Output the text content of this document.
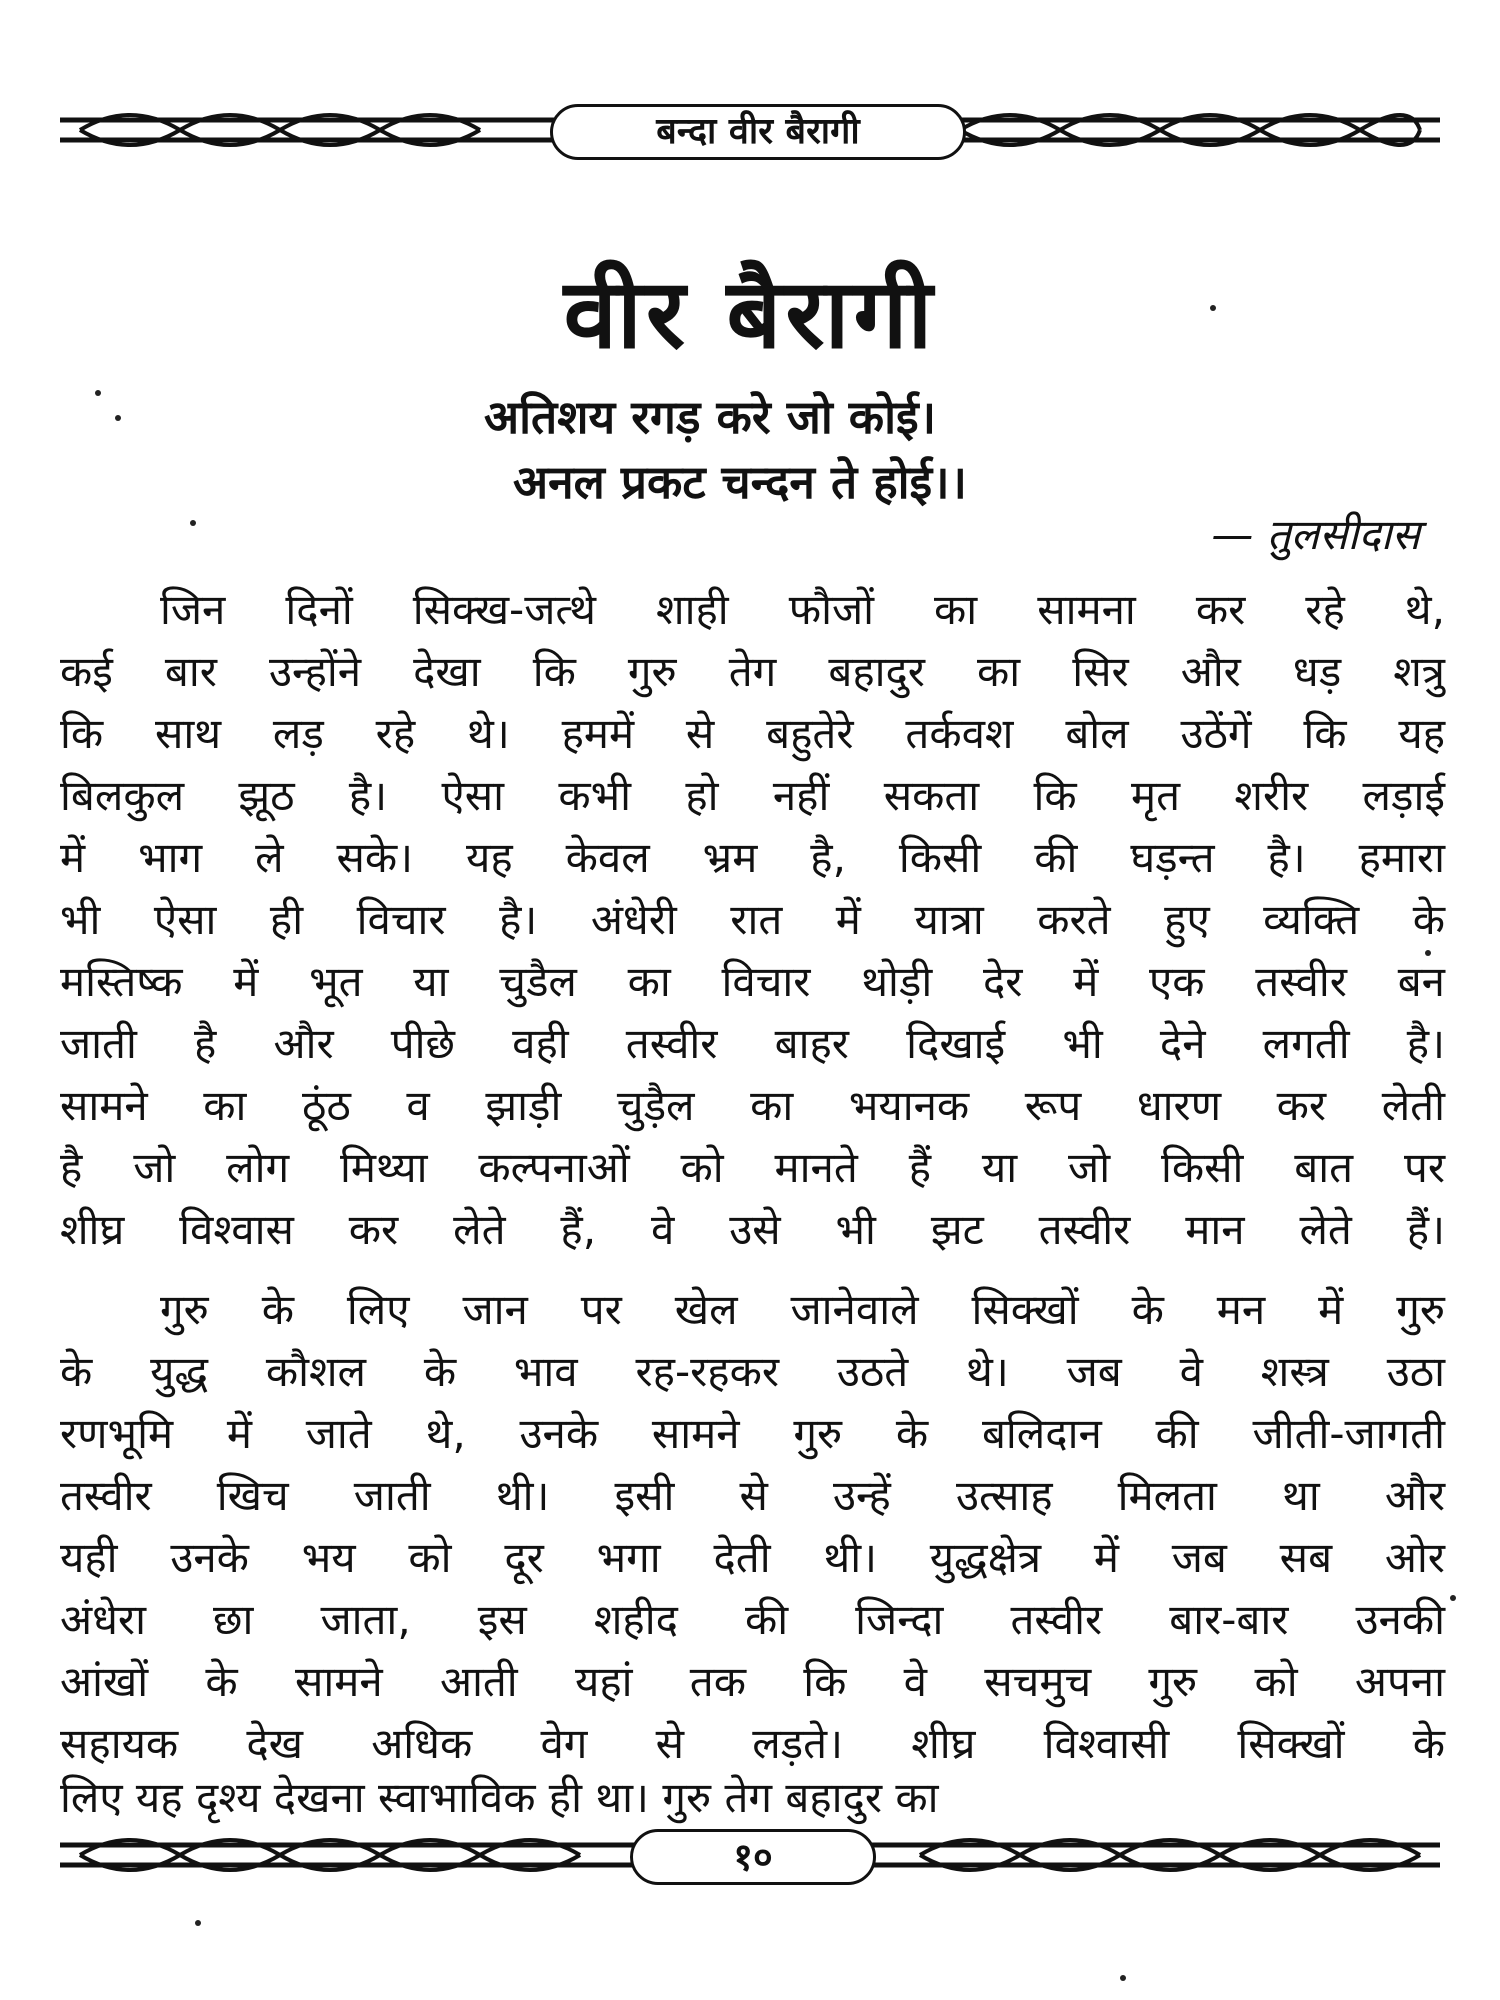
बन्दा वीर बैरागी
वीर बैरागी
अतिशय रगड़ करे जो कोई।
अनल प्रकट चन्दन ते होई।।
— तुलसीदास
जिन दिनों सिक्ख-जत्थे शाही फौजों का सामना कर रहे थे,
कई बार उन्होंने देखा कि गुरु तेग बहादुर का सिर और धड़ शत्रु
कि साथ लड़ रहे थे। हममें से बहुतेरे तर्कवश बोल उठेंगें कि यह
बिलकुल झूठ है। ऐसा कभी हो नहीं सकता कि मृत शरीर लड़ाई
में भाग ले सके। यह केवल भ्रम है, किसी की घड़न्त है। हमारा
भी ऐसा ही विचार है। अंधेरी रात में यात्रा करते हुए व्यक्ति के
मस्तिष्क में भूत या चुडैल का विचार थोड़ी देर में एक तस्वीर बन
जाती है और पीछे वही तस्वीर बाहर दिखाई भी देने लगती है।
सामने का ठूंठ व झाड़ी चुड़ैल का भयानक रूप धारण कर लेती
है जो लोग मिथ्या कल्पनाओं को मानते हैं या जो किसी बात पर
शीघ्र विश्वास कर लेते हैं, वे उसे भी झट तस्वीर मान लेते हैं।
गुरु के लिए जान पर खेल जानेवाले सिक्खों के मन में गुरु
के युद्ध कौशल के भाव रह-रहकर उठते थे। जब वे शस्त्र उठा
रणभूमि में जाते थे, उनके सामने गुरु के बलिदान की जीती-जागती
तस्वीर खिच जाती थी। इसी से उन्हें उत्साह मिलता था और
यही उनके भय को दूर भगा देती थी। युद्धक्षेत्र में जब सब ओर
अंधेरा छा जाता, इस शहीद की जिन्दा तस्वीर बार-बार उनकी
आंखों के सामने आती यहां तक कि वे सचमुच गुरु को अपना
सहायक देख अधिक वेग से लड़ते। शीघ्र विश्वासी सिक्खों के
लिए यह दृश्य देखना स्वाभाविक ही था। गुरु तेग बहादुर का
१०
